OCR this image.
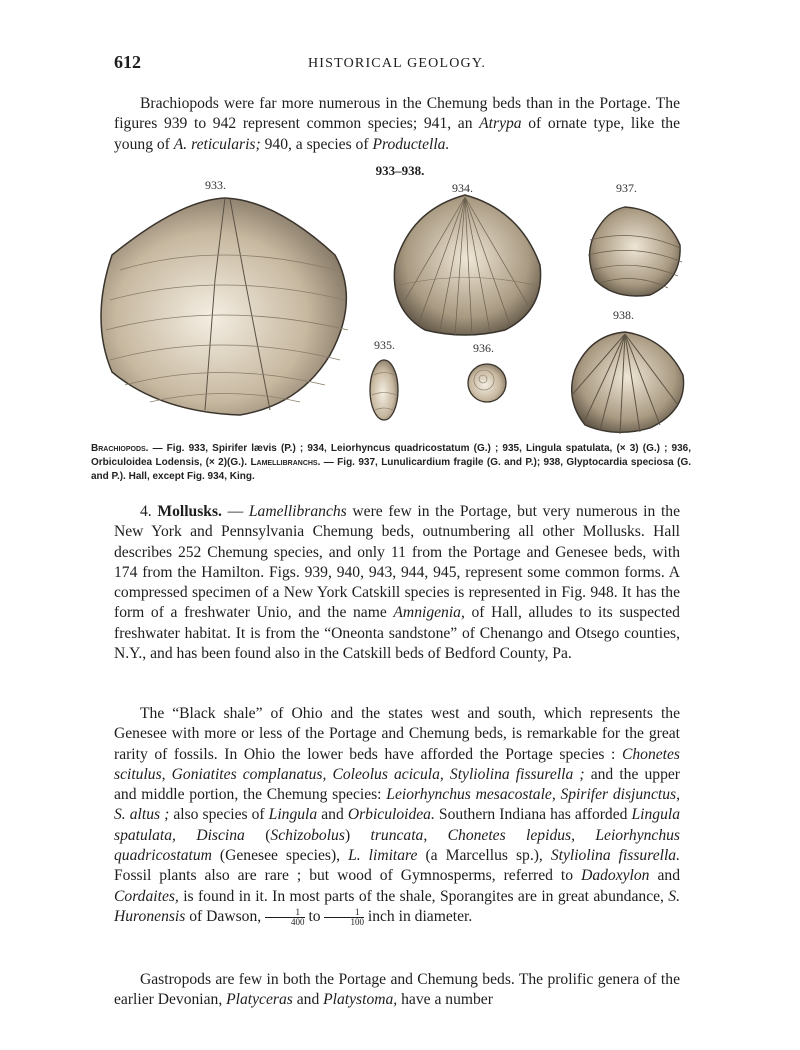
612	HISTORICAL GEOLOGY.

Brachiopods were far more numerous in the Chemung beds than in the Portage. The figures 939 to 942 represent common species; 941, an Atrypa of ornate type, like the young of A. reticularis; 940, a species of Productella.

933–938.
933.	934.	937.
938.
935.	936.
Brachiopods. — Fig. 933, Spirifer lævis (P.) ; 934, Leiorhyncus quadricostatum (G.) ; 935, Lingula spatulata, (× 3) (G.) ; 936, Orbiculoidea Lodensis, (× 2)(G.). Lamellibranchs. — Fig. 937, Lunulicardium fragile (G. and P.); 938, Glyptocardia speciosa (G. and P.). Hall, except Fig. 934, King.

4. Mollusks. — Lamellibranchs were few in the Portage, but very numerous in the New York and Pennsylvania Chemung beds, outnumbering all other Mollusks. Hall describes 252 Chemung species, and only 11 from the Portage and Genesee beds, with 174 from the Hamilton. Figs. 939, 940, 943, 944, 945, represent some common forms. A compressed specimen of a New York Catskill species is represented in Fig. 948. It has the form of a freshwater Unio, and the name Amnigenia, of Hall, alludes to its suspected freshwater habitat. It is from the “Oneonta sandstone” of Chenango and Otsego counties, N.Y., and has been found also in the Catskill beds of Bedford County, Pa.

The “Black shale” of Ohio and the states west and south, which represents the Genesee with more or less of the Portage and Chemung beds, is remarkable for the great rarity of fossils. In Ohio the lower beds have afforded the Portage species : Chonetes scitulus, Goniatites complanatus, Coleolus acicula, Styliolina fissurella ; and the upper and middle portion, the Chemung species: Leiorhynchus mesacostale, Spirifer disjunctus, S. altus ; also species of Lingula and Orbiculoidea. Southern Indiana has afforded Lingula spatulata, Discina (Schizobolus) truncata, Chonetes lepidus, Leiorhynchus quadricostatum (Genesee species), L. limitare (a Marcellus sp.), Styliolina fissurella. Fossil plants also are rare ; but wood of Gymnosperms, referred to Dadoxylon and Cordaites, is found in it. In most parts of the shale, Sporangites are in great abundance, S. Huronensis of Dawson, $\frac{1}{400}$ to $\frac{1}{100}$ inch in diameter.

Gastropods are few in both the Portage and Chemung beds. The prolific genera of the earlier Devonian, Platyceras and Platystoma, have a number
